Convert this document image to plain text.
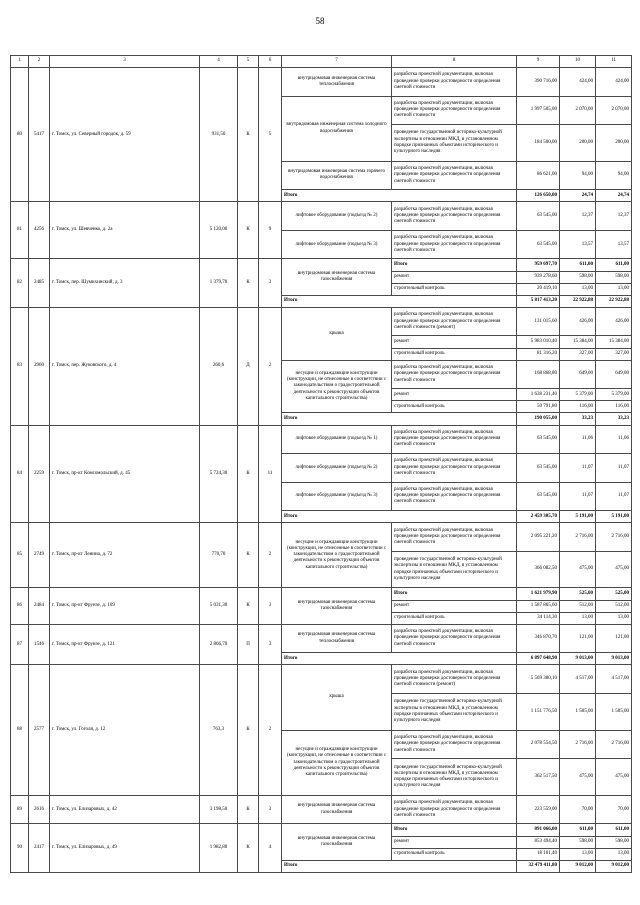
58
1	2	3	4	5	6	7	8	9	10	11
80	5417	г. Томск, ул. Северный городок, д. 59	931,50	К	5	внутридомовая инженерная система теплоснабжения	разработка проектной документации, включая проведение проверки достоверности определения сметной стоимости	390 716,00	424,00	424,00
						внутридомовая инженерная система холодного водоснабжения	разработка проектной документации, включая проведение проверки достоверности определения сметной стоимости	1 997 505,00	2 070,00	2 070,00
							проведение государственной историко-культурной экспертизы в отношении МКД, в установленном порядке признанных объектами исторического и культурного наследия	184 500,00	200,00	200,00
						внутридомовая инженерная система горячего водоснабжения	разработка проектной документации, включая проведение проверки достоверности определения сметной стоимости	86 621,00	94,00	94,00
						Итого		126 650,00	24,74	24,74
81	4256	г. Томск, ул. Шевченко, д. 2а	5 120,00	К	9	лифтовое оборудование (подъезд № 2)	разработка проектной документации, включая проведение проверки достоверности определения сметной стоимости	63 545,00	12,37	12,37
						лифтовое оборудование (подъезд № 3)	разработка проектной документации, включая проведение проверки достоверности определения сметной стоимости	63 545,00	13,57	13,57
82	2485	г. Томск, пер. Шумихинский, д. 3	1 379,70	К	3	внутридомовая инженерная система газоснабжения	Итого	959 697,70	611,00	611,00
							ремонт	939 278,60	598,00	598,00
							строительный контроль	20 419,10	13,00	13,00
						Итого		5 817 413,20	22 922,88	22 922,88
83	2960	г. Томск, пер. Жуковского, д. 4	260,6	Д	2	крыша	разработка проектной документации, включая проведение проверки достоверности определения сметной стоимости (ремонт)	131 015,60	426,00	426,00
							ремонт	5 983 010,40	15 384,00	15 384,00
							строительный контроль	81 316,20	327,00	327,00
						несущие и ограждающие конструкции (конструкции, не отнесенные в соответствии с законодательством о градостроительной деятельности к реконструкции объектов капитального строительства)	разработка проектной документации, включая проведение проверки достоверности определения сметной стоимости	168 868,80	649,00	649,00
							ремонт	1 638 231,40	5 379,00	5 379,00
							строительный контроль	50 791,80	116,00	116,00
						Итого		190 055,00	33,23	33,23
84	2259	г. Томск, пр-кт Комсомольский, д. 45	5 724,30	К	11	лифтовое оборудование (подъезд № 1)	разработка проектной документации, включая проведение проверки достоверности определения сметной стоимости	63 545,00	11,06	11,06
						лифтовое оборудование (подъезд № 2)	разработка проектной документации, включая проведение проверки достоверности определения сметной стоимости	63 545,00	11,07	11,07
						лифтовое оборудование (подъезд № 3)	разработка проектной документации, включая проведение проверки достоверности определения сметной стоимости	63 545,00	11,07	11,07
						Итого		2 459 305,70	5 191,00	5 191,00
85	2749	г. Томск, пр-кт Ленина, д. 72	770,70	К	2	несущие и ограждающие конструкции (конструкции, не отнесенные в соответствии с законодательством о градостроительной деятельности к реконструкции объектов капитального строительства)	разработка проектной документации, включая проведение проверки достоверности определения сметной стоимости	2 095 221,20	2 716,00	2 716,00
							проведение государственной историко-культурной экспертизы в отношении МКД, в установленном порядке признанных объектами исторического и культурного наследия	366 082,50	475,00	475,00
86	2484	г. Томск, пр-кт Фрунзе, д. 109	5 031,30	К	3	внутридомовая инженерная система газоснабжения	Итого	1 621 979,90	525,00	525,00
							ремонт	1 587 865,60	512,00	512,00
							строительный контроль	34 114,30	13,00	13,00
87	1546	г. Томск, пр-кт Фрунзе, д. 121	2 866,70	П	3	внутридомовая инженерная система теплоснабжения	разработка проектной документации, включая проведение проверки достоверности определения сметной стоимости	346 870,70	121,00	121,00
						Итого		6 897 648,90	9 013,00	9 013,00
88	2577	г. Томск, ул. Гоголя, д. 12	763,3	К	2	крыша	разработка проектной документации, включая проведение проверки достоверности определения сметной стоимости (ремонт)	5 569 380,10	4 517,00	4 517,00
							проведение государственной историко-культурной экспертизы в отношении МКД, в установленном порядке признанных объектами исторического и культурного наследия	1 151 776,50	1 505,00	1 505,00
						несущие и ограждающие конструкции (конструкции, не отнесенные в соответствии с законодательством о градостроительной деятельности к реконструкции объектов капитального строительства)	разработка проектной документации, включая проведение проверки достоверности определения сметной стоимости	2 078 554,50	2 716,00	2 716,00
							проведение государственной историко-культурной экспертизы в отношении МКД, в установленном порядке признанных объектами исторического и культурного наследия	362 517,50	475,00	475,00
89	2616	г. Томск, ул. Елизаровых, д. 42	3 198,50	К	3	внутридомовая инженерная система газоснабжения	разработка проектной документации, включая проведение проверки достоверности определения сметной стоимости	223 559,00	70,00	70,00
90	2417	г. Томск, ул. Елизаровых, д. 49	1 982,80	К	4	внутридомовая инженерная система газоснабжения	Итого	891 066,00	611,00	611,00
							ремонт	853 494,40	598,00	598,00
							строительный контроль	18 101,40	13,00	13,00
						Итого		32 479 411,80	9 012,00	9 012,00
